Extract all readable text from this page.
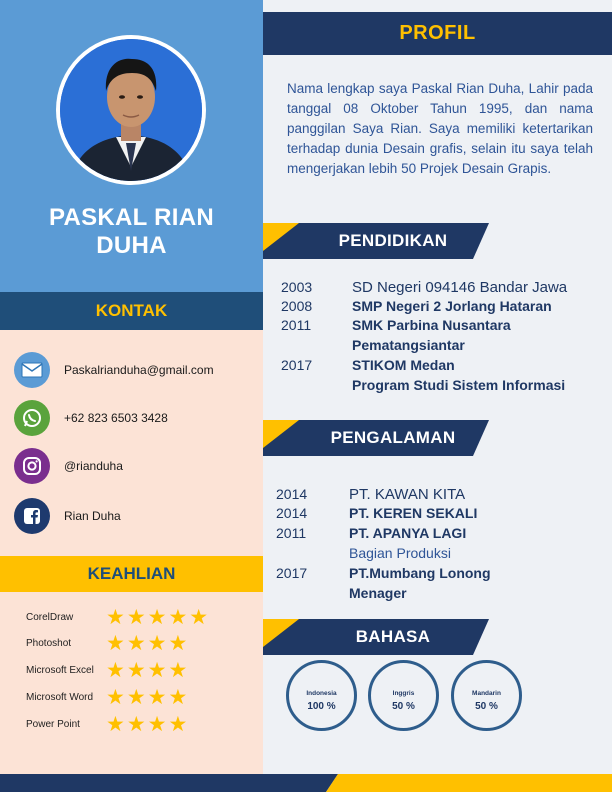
PASKAL RIAN
DUHA
KONTAK
Paskalrianduha@gmail.com
+62 823 6503 3428
@rianduha
Rian Duha
KEAHLIAN
CorelDraw	★★★★★
Photoshot	★★★★
Microsoft Excel ★★★★
Microsoft Word ★★★★
Power Point	★★★★
PROFIL

Nama lengkap saya Paskal Rian Duha, Lahir pada tanggal 08 Oktober Tahun 1995, dan nama panggilan Saya Rian. Saya memiliki ketertarikan terhadap dunia Desain grafis, selain itu saya telah mengerjakan lebih 50 Projek Desain Grapis.

PENDIDIKAN
2003	SD Negeri 094146 Bandar Jawa
2008	SMP Negeri 2 Jorlang Hataran
2011	SMK Parbina Nusantara
Pematangsiantar
2017	STIKOM Medan
Program Studi Sistem Informasi
PENGALAMAN
2014	PT. KAWAN KITA
2014	PT. KEREN SEKALI
2011	PT. APANYA LAGI
Bagian Produksi
2017	PT.Mumbang Lonong
Menager
BAHASA
Indonesia
100 %
Inggris
50 %
Mandarin
50 %
